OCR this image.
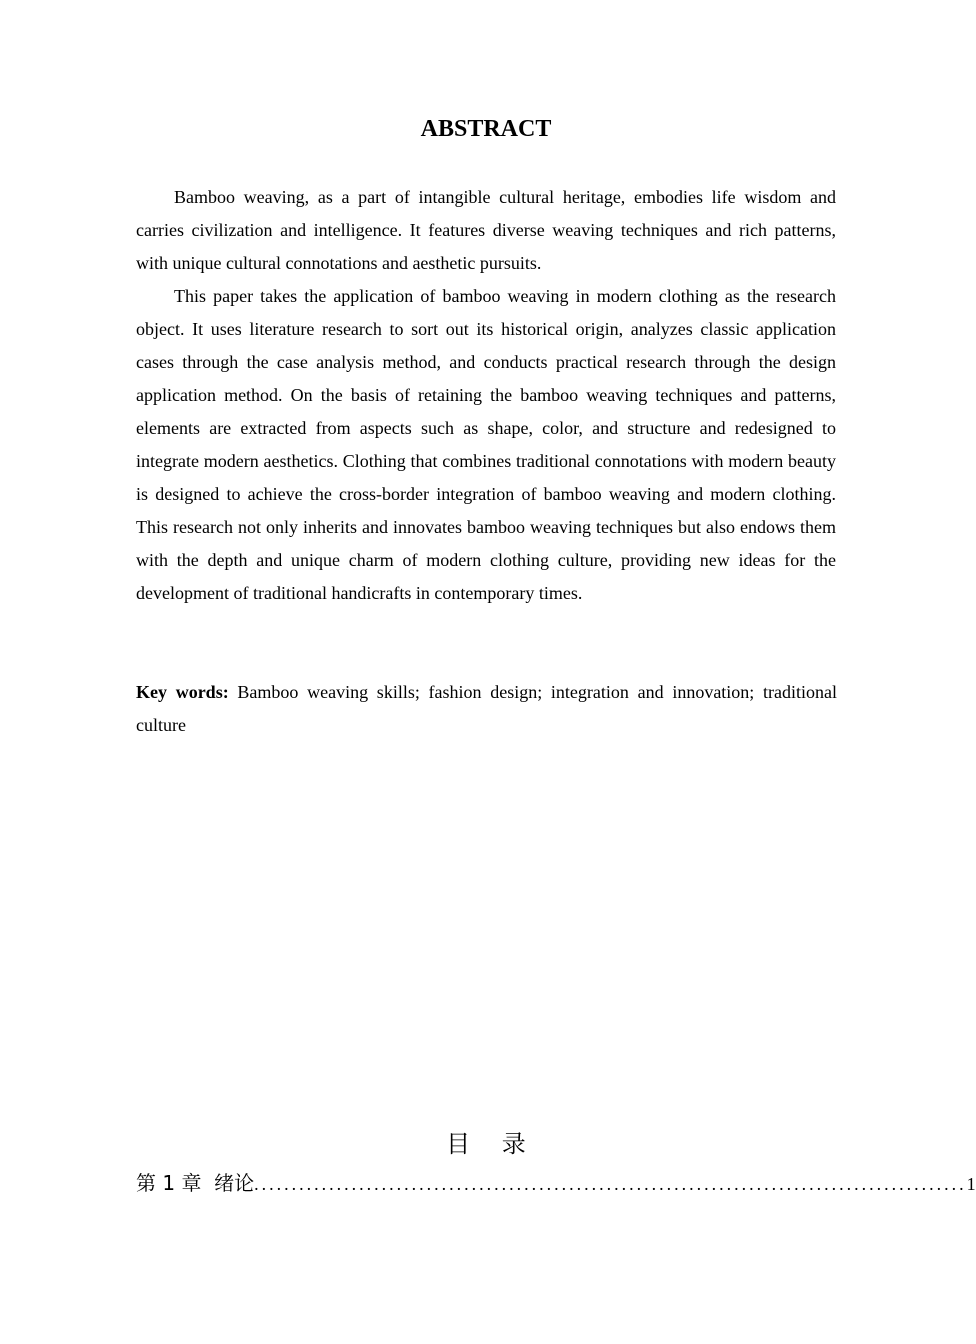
ABSTRACT

Bamboo weaving, as a part of intangible cultural heritage, embodies life wisdom and carries civilization and intelligence. It features diverse weaving techniques and rich patterns, with unique cultural connotations and aesthetic pursuits.

This paper takes the application of bamboo weaving in modern clothing as the research object. It uses literature research to sort out its historical origin, analyzes classic application cases through the case analysis method, and conducts practical research through the design application method. On the basis of retaining the bamboo weaving techniques and patterns, elements are extracted from aspects such as shape, color, and structure and redesigned to integrate modern aesthetics. Clothing that combines traditional connotations with modern beauty is designed to achieve the cross-border integration of bamboo weaving and modern clothing. This research not only inherits and innovates bamboo weaving techniques but also endows them with the depth and unique charm of modern clothing culture, providing new ideas for the development of traditional handicrafts in contemporary times.

Key words: Bamboo weaving skills; fashion design; integration and innovation; traditional culture
目 录
第 1 章  绪论 ............................................................................................... 1
